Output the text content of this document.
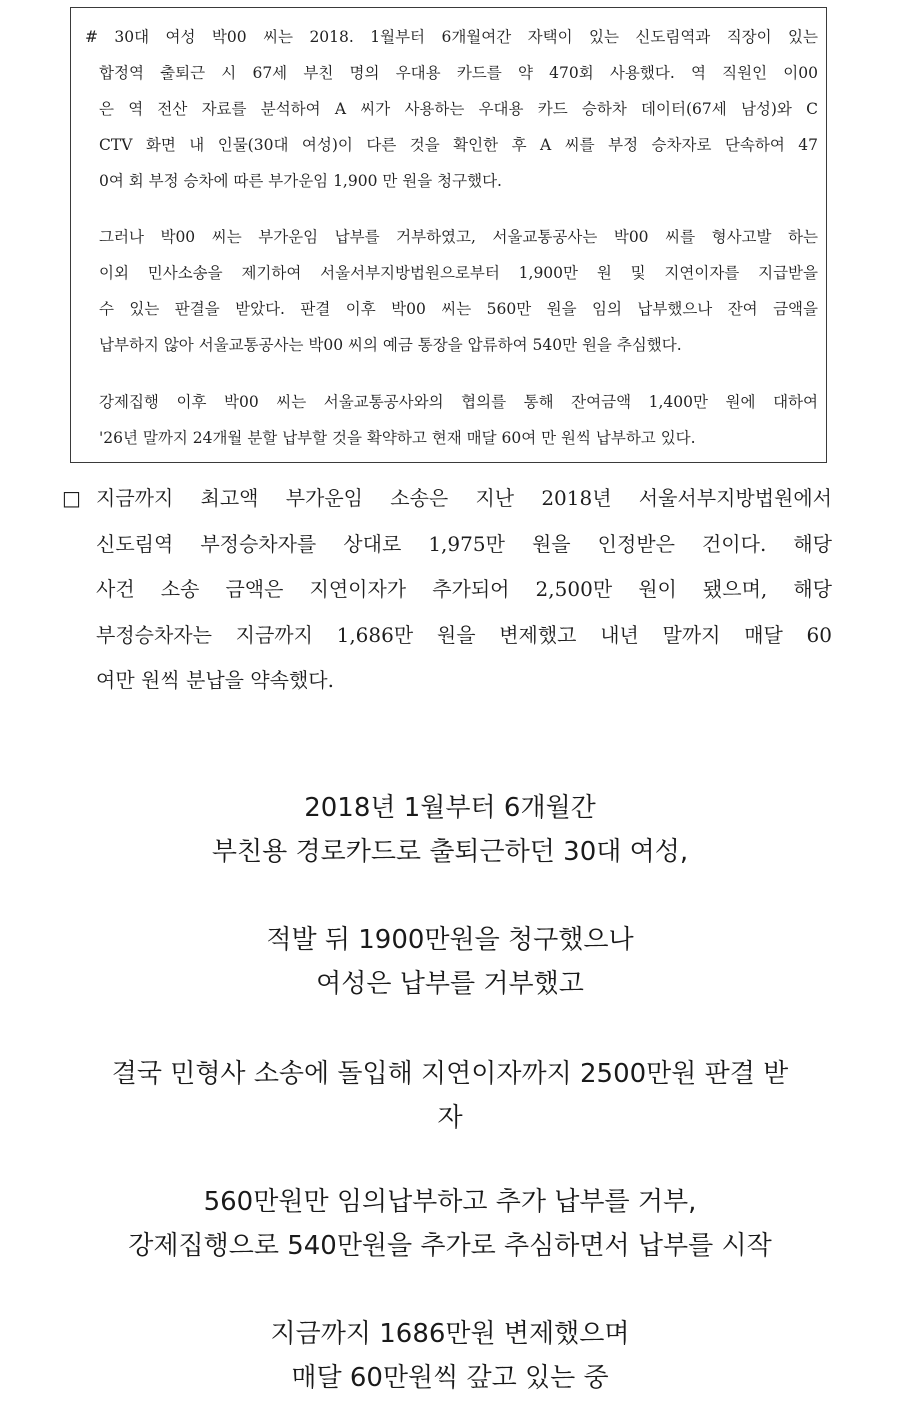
# 30대 여성 박00 씨는 2018. 1월부터 6개월여간 자택이 있는 신도림역과 직장이 있는
합정역 출퇴근 시 67세 부친 명의 우대용 카드를 약 470회 사용했다. 역 직원인 이00
은 역 전산 자료를 분석하여 A 씨가 사용하는 우대용 카드 승하차 데이터(67세 남성)와 C
CTV 화면 내 인물(30대 여성)이 다른 것을 확인한 후 A 씨를 부정 승차자로 단속하여 47
0여 회 부정 승차에 따른 부가운임 1,900 만 원을 청구했다.

그러나 박00 씨는 부가운임 납부를 거부하였고, 서울교통공사는 박00 씨를 형사고발 하는
이외 민사소송을 제기하여 서울서부지방법원으로부터 1,900만 원 및 지연이자를 지급받을
수 있는 판결을 받았다. 판결 이후 박00 씨는 560만 원을 임의 납부했으나 잔여 금액을
납부하지 않아 서울교통공사는 박00 씨의 예금 통장을 압류하여 540만 원을 추심했다.

강제집행 이후 박00 씨는 서울교통공사와의 협의를 통해 잔여금액 1,400만 원에 대하여
'26년 말까지 24개월 분할 납부할 것을 확약하고 현재 매달 60여 만 원씩 납부하고 있다.

□ 지금까지 최고액 부가운임 소송은 지난 2018년 서울서부지방법원에서
신도림역 부정승차자를 상대로 1,975만 원을 인정받은 건이다. 해당
사건 소송 금액은 지연이자가 추가되어 2,500만 원이 됐으며, 해당
부정승차자는 지금까지 1,686만 원을 변제했고 내년 말까지 매달 60
여만 원씩 분납을 약속했다.
2018년 1월부터 6개월간
부친용 경로카드로 출퇴근하던 30대 여성,
적발 뒤 1900만원을 청구했으나
여성은 납부를 거부했고
결국 민형사 소송에 돌입해 지연이자까지 2500만원 판결 받
자
560만원만 임의납부하고 추가 납부를 거부,
강제집행으로 540만원을 추가로 추심하면서 납부를 시작
지금까지 1686만원 변제했으며
매달 60만원씩 갚고 있는 중
